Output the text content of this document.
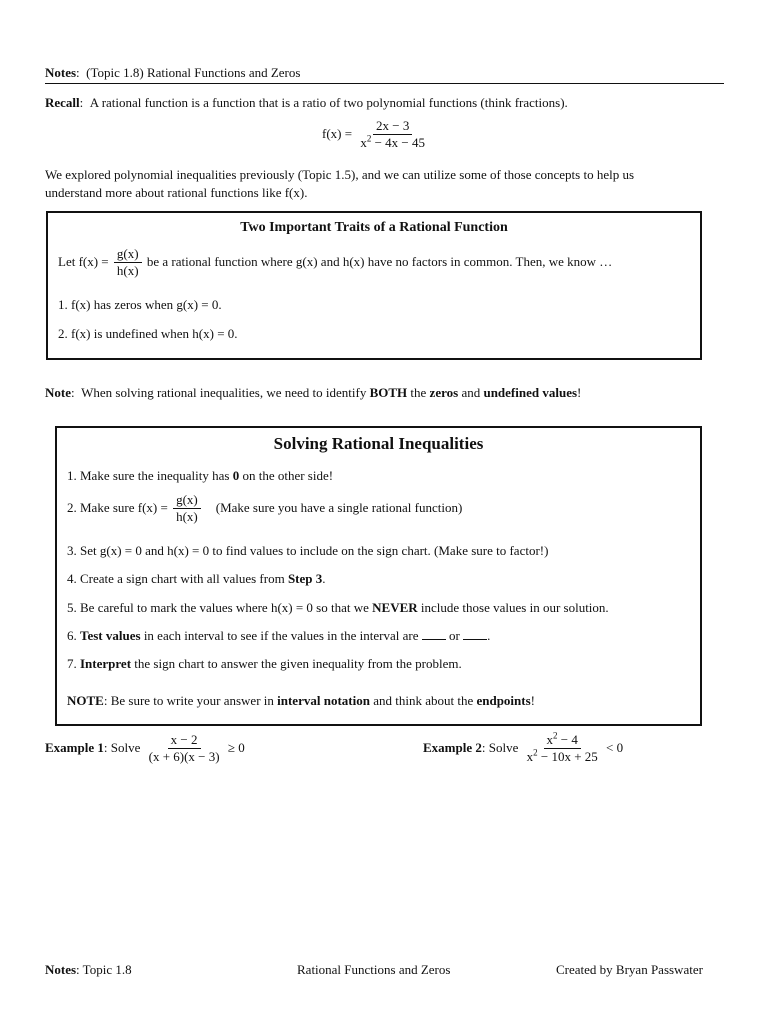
Notes:  (Topic 1.8) Rational Functions and Zeros
Recall:  A rational function is a function that is a ratio of two polynomial functions (think fractions).
$f(x) = \frac{2x - 3}{x^2 - 4x - 45}$
We explored polynomial inequalities previously (Topic 1.5), and we can utilize some of those concepts to help us
understand more about rational functions like f(x).
Two Important Traits of a Rational Function
Let $f(x) = \frac{g(x)}{h(x)}$ be a rational function where g(x) and h(x) have no factors in common. Then, we know …
1. f(x) has zeros when g(x) = 0.
2. f(x) is undefined when h(x) = 0.
Note:  When solving rational inequalities, we need to identify BOTH the zeros and undefined values!
Solving Rational Inequalities
1. Make sure the inequality has 0 on the other side!
2. Make sure $f(x) = \frac{g(x)}{h(x)}$ (Make sure you have a single rational function)
3. Set g(x) = 0 and h(x) = 0 to find values to include on the sign chart. (Make sure to factor!)
4. Create a sign chart with all values from Step 3.
5. Be careful to mark the values where h(x) = 0 so that we NEVER include those values in our solution.
6. Test values in each interval to see if the values in the interval are  or .
7. Interpret the sign chart to answer the given inequality from the problem.
NOTE: Be sure to write your answer in interval notation and think about the endpoints!
Example 1: Solve $\frac{x - 2}{(x + 6)(x - 3)} \ge 0$	Example 2: Solve $\frac{x^2 - 4}{x^2 - 10x + 25} < 0$
Notes: Topic 1.8	Rational Functions and Zeros	Created by Bryan Passwater
